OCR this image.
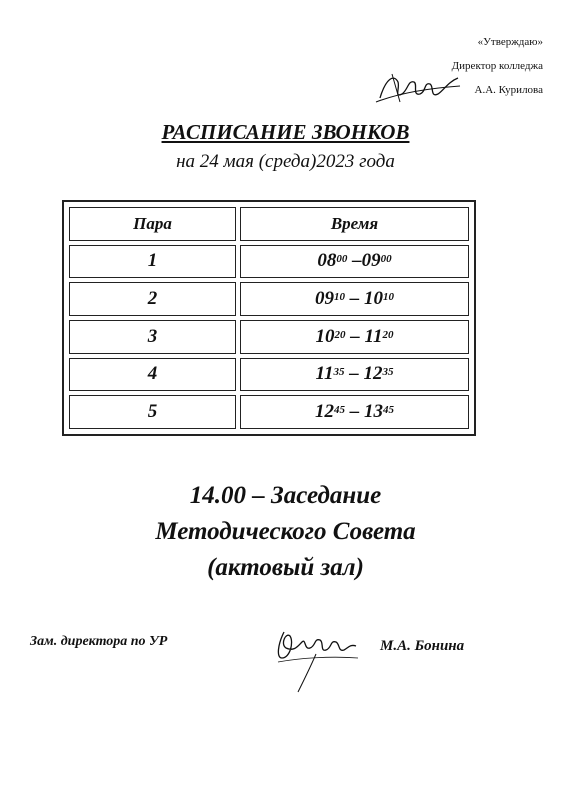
«Утверждаю»
Директор колледжа
А.А. Курилова
РАСПИСАНИЕ ЗВОНКОВ
на 24 мая (среда)2023 года
Пара	Время
1	$08^{00} - 09^{00}$
2	$09^{10} - 10^{10}$
3	$10^{20} - 11^{20}$
4	$11^{35} - 12^{35}$
5	$12^{45} - 13^{45}$
14.00 – Заседание
Методического Совета
(актовый зал)
Зам. директора по УР	М.А. Бонина
